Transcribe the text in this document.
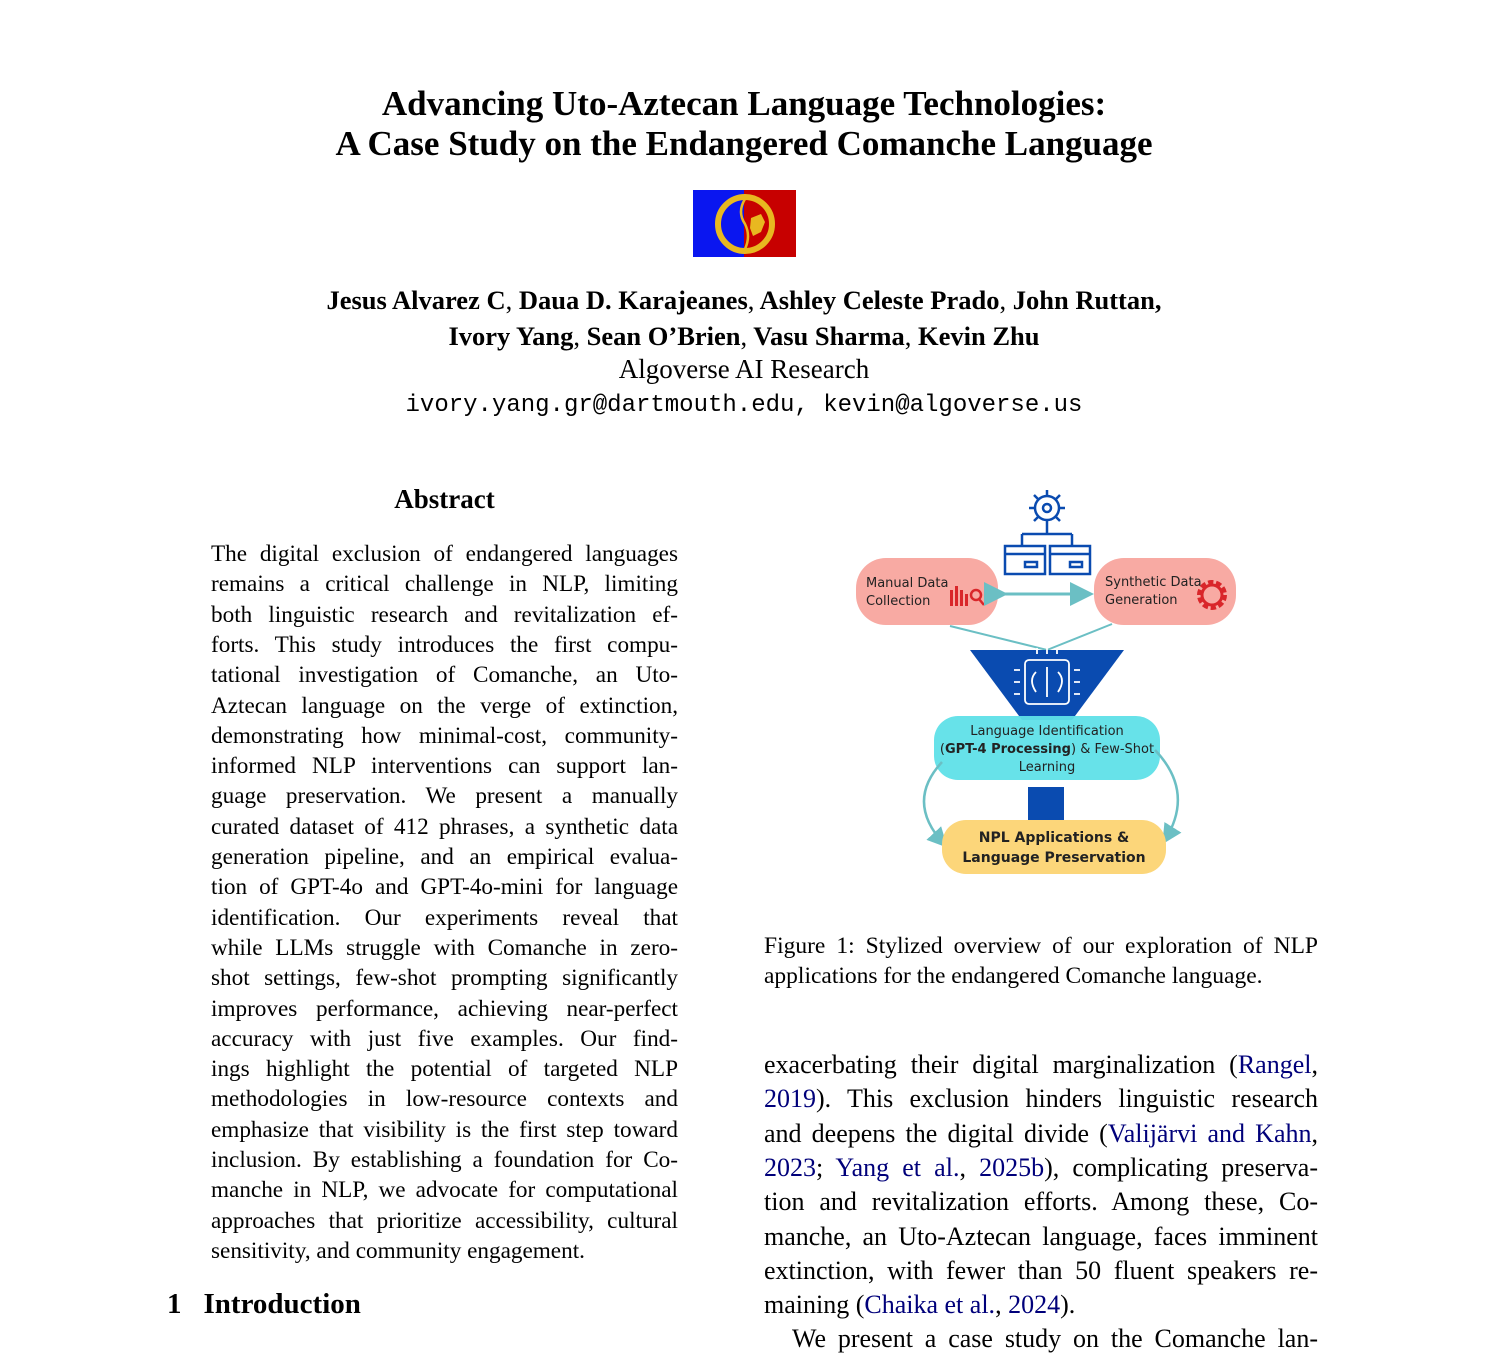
Advancing Uto-Aztecan Language Technologies:
A Case Study on the Endangered Comanche Language
Jesus Alvarez C, Daua D. Karajeanes, Ashley Celeste Prado, John Ruttan,
Ivory Yang, Sean O’Brien, Vasu Sharma, Kevin Zhu
Algoverse AI Research
ivory.yang.gr@dartmouth.edu, kevin@algoverse.us
Abstract
The digital exclusion of endangered languages
remains a critical challenge in NLP, limiting
both linguistic research and revitalization ef-
forts. This study introduces the first compu-
tational investigation of Comanche, an Uto-
Aztecan language on the verge of extinction,
demonstrating how minimal-cost, community-
informed NLP interventions can support lan-
guage preservation. We present a manually
curated dataset of 412 phrases, a synthetic data
generation pipeline, and an empirical evalua-
tion of GPT-4o and GPT-4o-mini for language
identification. Our experiments reveal that
while LLMs struggle with Comanche in zero-
shot settings, few-shot prompting significantly
improves performance, achieving near-perfect
accuracy with just five examples. Our find-
ings highlight the potential of targeted NLP
methodologies in low-resource contexts and
emphasize that visibility is the first step toward
inclusion. By establishing a foundation for Co-
manche in NLP, we advocate for computational
approaches that prioritize accessibility, cultural
sensitivity, and community engagement.
1 Introduction
Manual Data
Collection
Synthetic Data
Generation
Language Identification
(GPT-4 Processing) & Few-Shot
Learning
NPL Applications &
Language Preservation
Figure 1: Stylized overview of our exploration of NLP
applications for the endangered Comanche language.
exacerbating their digital marginalization (Rangel,
2019). This exclusion hinders linguistic research
and deepens the digital divide (Valijärvi and Kahn,
2023; Yang et al., 2025b), complicating preserva-
tion and revitalization efforts. Among these, Co-
manche, an Uto-Aztecan language, faces imminent
extinction, with fewer than 50 fluent speakers re-
maining (Chaika et al., 2024).
We present a case study on the Comanche lan-
